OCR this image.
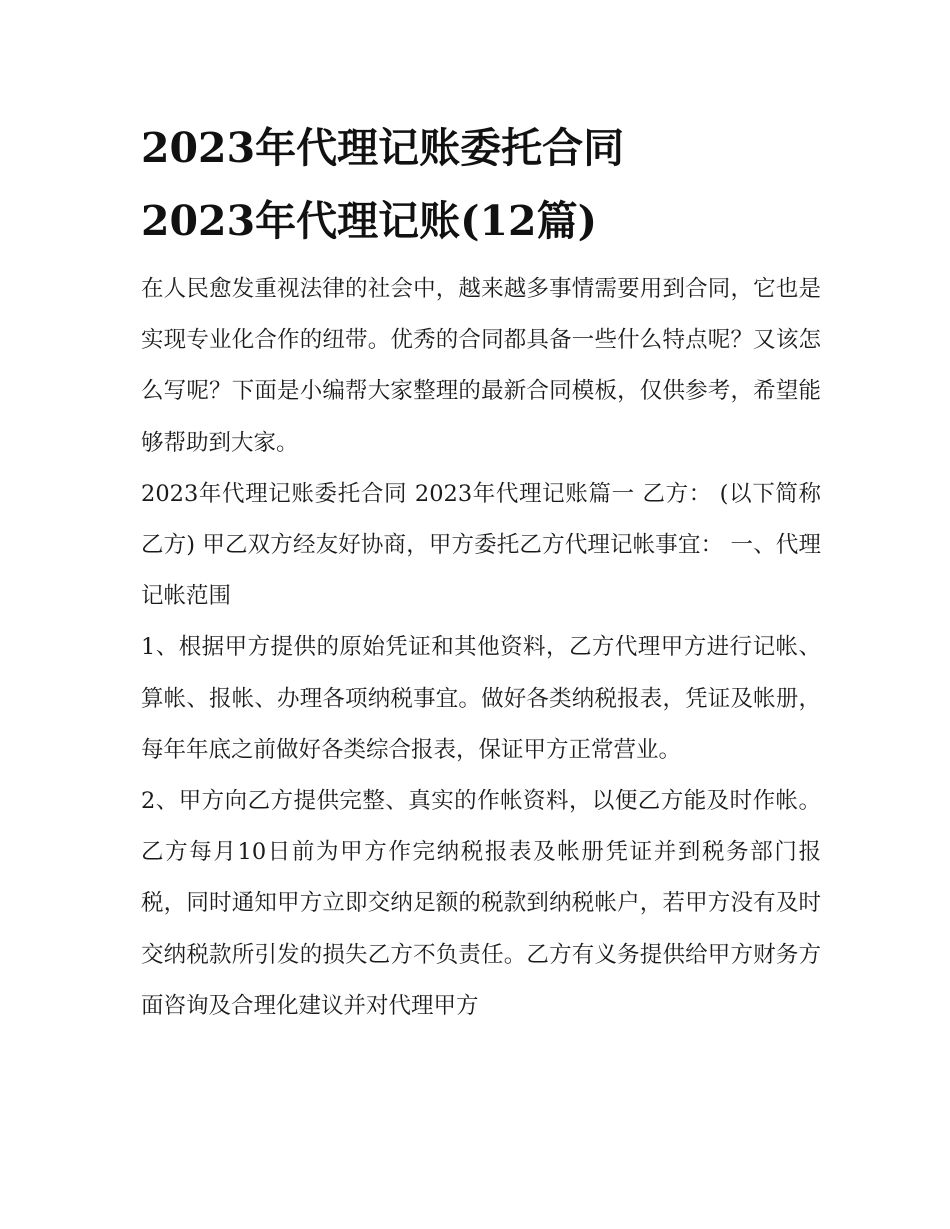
2023年代理记账委托合同
2023年代理记账(12篇)

在人民愈发重视法律的社会中，越来越多事情需要用到合同，它也是实现专业化合作的纽带。优秀的合同都具备一些什么特点呢？又该怎么写呢？下面是小编帮大家整理的最新合同模板，仅供参考，希望能够帮助到大家。

2023年代理记账委托合同 2023年代理记账篇一 乙方： (以下简称乙方) 甲乙双方经友好协商，甲方委托乙方代理记帐事宜： 一、代理记帐范围

1、根据甲方提供的原始凭证和其他资料，乙方代理甲方进行记帐、算帐、报帐、办理各项纳税事宜。做好各类纳税报表，凭证及帐册，每年年底之前做好各类综合报表，保证甲方正常营业。

2、甲方向乙方提供完整、真实的作帐资料，以便乙方能及时作帐。乙方每月10日前为甲方作完纳税报表及帐册凭证并到税务部门报税，同时通知甲方立即交纳足额的税款到纳税帐户，若甲方没有及时交纳税款所引发的损失乙方不负责任。乙方有义务提供给甲方财务方面咨询及合理化建议并对代理甲方
